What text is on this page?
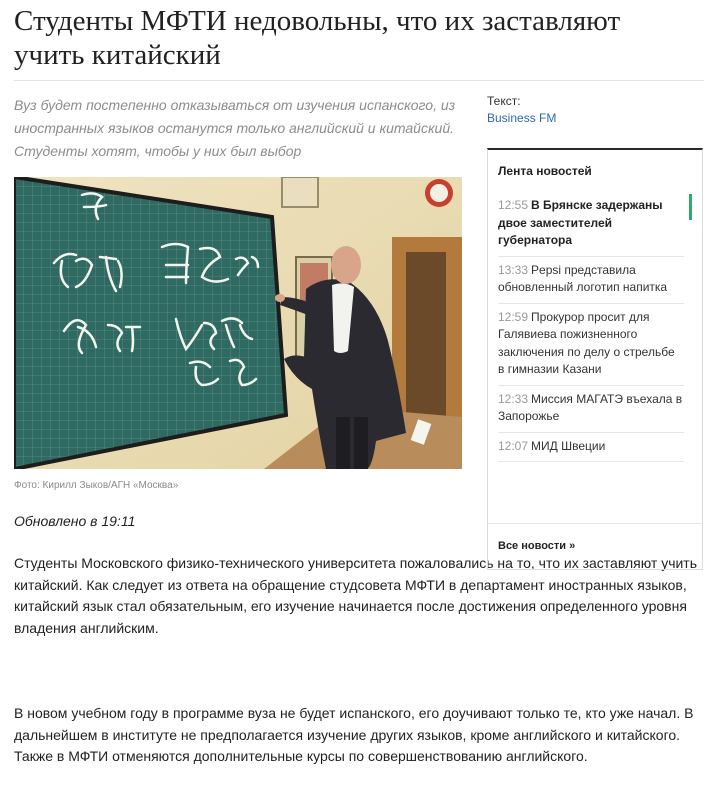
Студенты МФТИ недовольны, что их заставляют учить китайский

Вуз будет постепенно отказываться от изучения испанского, из иностранных языков останутся только английский и китайский. Студенты хотят, чтобы у них был выбор

Текст:
Business FM
Фото: Кирилл Зыков/АГН «Москва»
Обновлено в 19:11

Студенты Московского физико-технического университета пожаловались на то, что их заставляют учить китайский. Как следует из ответа на обращение студсовета МФТИ в департамент иностранных языков, китайский язык стал обязательным, его изучение начинается после достижения определенного уровня владения английским.

В новом учебном году в программе вуза не будет испанского, его доучивают только те, кто уже начал. В дальнейшем в институте не предполагается изучение других языков, кроме английского и китайского. Также в МФТИ отменяются дополнительные курсы по совершенствованию английского.

Лента новостей
12:55 В Брянске задержаны двое заместителей губернатора
13:33 Pepsi представила обновленный логотип напитка
12:59 Прокурор просит для Галявиева пожизненного заключения по делу о стрельбе в гимназии Казани
12:33 Миссия МАГАТЭ въехала в Запорожье
12:07 МИД Швеции
Все новости »
